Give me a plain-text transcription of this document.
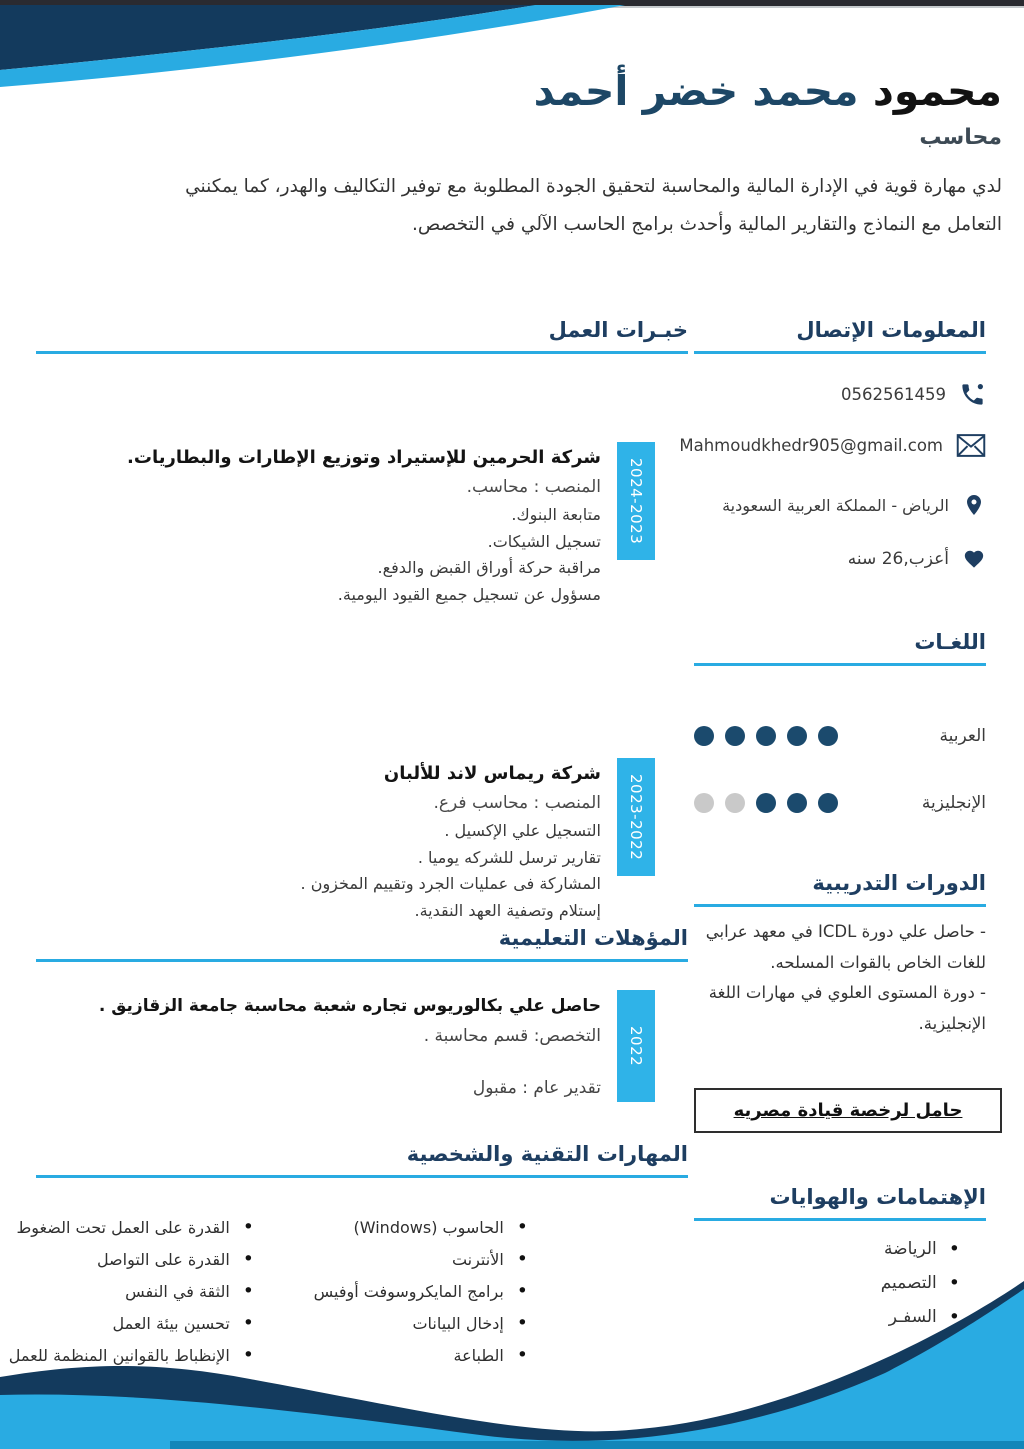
محمود محمد خضر أحمد
محاسب
لدي مهارة قوية في الإدارة المالية والمحاسبة لتحقيق الجودة المطلوبة مع توفير التكاليف والهدر، كما يمكنني التعامل مع النماذج والتقارير المالية وأحدث برامج الحاسب الآلي في التخصص.
المعلومات الإتصال
0562561459
Mahmoudkhedr905@gmail.com
الرياض - المملكة العربية السعودية
أعزب,26 سنه
اللغـات
العربية
الإنجليزية
الدورات التدريبية
- حاصل علي دورة ICDL في معهد عرابي للغات الخاص بالقوات المسلحه.
- دورة المستوى العلوي في مهارات اللغة الإنجليزية.
حامل لرخصة قيادة مصريه
الإهتمامات والهوايات
•
الرياضة
•
التصميم
•
السفـر
خبـرات العمل
2024-2023
شركة الحرمين للإستيراد وتوزيع الإطارات والبطاريات.
المنصب : محاسب.
متابعة البنوك.
تسجيل الشيكات.
مراقبة حركة أوراق القبض والدفع.
مسؤول عن تسجيل جميع القيود اليومية.
2023-2022
شركة ريماس لاند للألبان
المنصب : محاسب فرع.
التسجيل علي الإكسيل .
تقارير ترسل للشركه يوميا .
المشاركة فى عمليات الجرد وتقييم المخزون .
إستلام وتصفية العهد النقدية.
المؤهلات التعليمية
2022
حاصل علي بكالوريوس تجاره شعبة محاسبة جامعة الزقازيق .
التخصص: قسم محاسبة .
تقدير عام : مقبول
المهارات التقنية والشخصية
•
الحاسوب (Windows)
•
الأنترنت
•
برامج المايكروسوفت أوفيس
•
إدخال البيانات
•
الطباعة
•
القدرة على العمل تحت الضغوط
•
القدرة على التواصل
•
الثقة في النفس
•
تحسين بيئة العمل
•
الإنظباط بالقوانين المنظمة للعمل
